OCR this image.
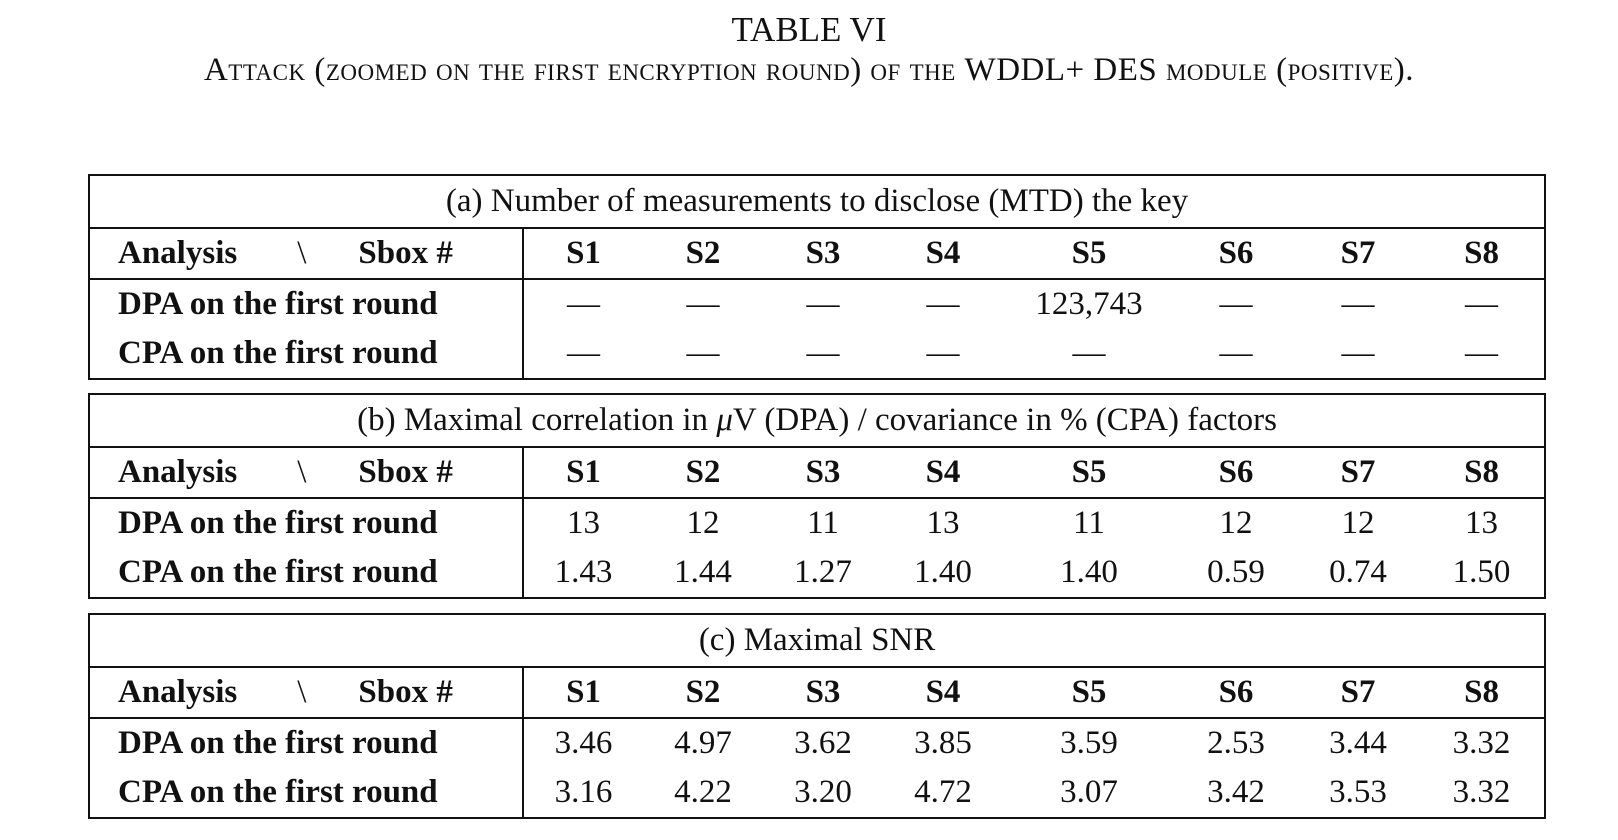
TABLE VI
Attack (zoomed on the first encryption round) of the WDDL+ DES module (positive).
(a) Number of measurements to disclose (MTD) the key								
Analysis \ Sbox #	S1	S2	S3	S4	S5	S6	S7	S8
DPA on the first round	—	—	—	—	123,743	—	—	—
CPA on the first round	—	—	—	—	—	—	—	—
(b) Maximal correlation in μV (DPA) / covariance in % (CPA) factors								
Analysis \ Sbox #	S1	S2	S3	S4	S5	S6	S7	S8
DPA on the first round	13	12	11	13	11	12	12	13
CPA on the first round	1.43	1.44	1.27	1.40	1.40	0.59	0.74	1.50
(c) Maximal SNR								
Analysis \ Sbox #	S1	S2	S3	S4	S5	S6	S7	S8
DPA on the first round	3.46	4.97	3.62	3.85	3.59	2.53	3.44	3.32
CPA on the first round	3.16	4.22	3.20	4.72	3.07	3.42	3.53	3.32
